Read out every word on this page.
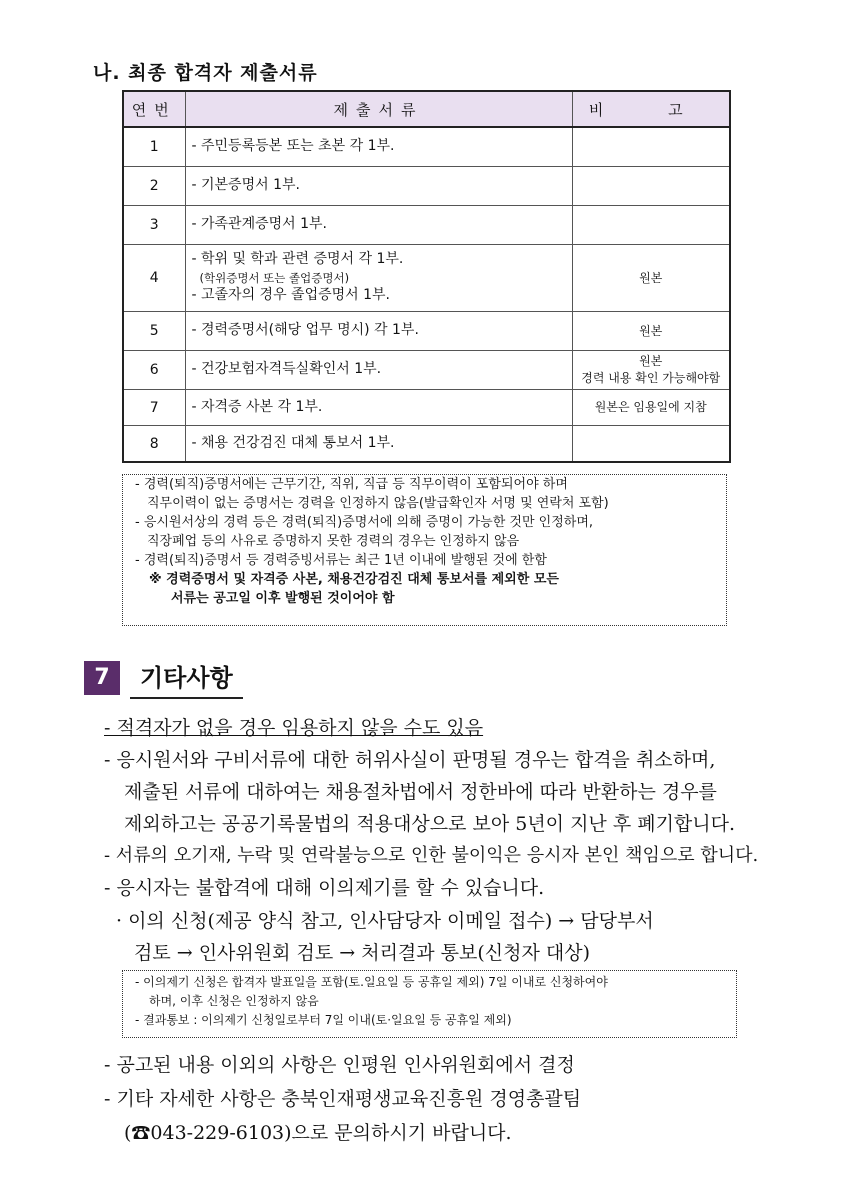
나. 최종 합격자 제출서류
연번	제출서류	비 고
1	- 주민등록등본 또는 초본 각 1부.	
2	- 기본증명서 1부.	
3	- 가족관계증명서 1부.	
4	- 학위 및 학과 관련 증명서 각 1부.
(학위증명서 또는 졸업증명서)
- 고졸자의 경우 졸업증명서 1부.	원본
5	- 경력증명서(해당 업무 명시) 각 1부.	원본
6	- 건강보험자격득실확인서 1부.	원본
경력 내용 확인 가능해야함

7	- 자격증 사본 각 1부.	원본은 임용일에 지참
8	- 채용 건강검진 대체 통보서 1부.	
- 경력(퇴직)증명서에는 근무기간, 직위, 직급 등 직무이력이 포함되어야 하며
직무이력이 없는 증명서는 경력을 인정하지 않음(발급확인자 서명 및 연락처 포함)
- 응시원서상의 경력 등은 경력(퇴직)증명서에 의해 증명이 가능한 것만 인정하며,
직장폐업 등의 사유로 증명하지 못한 경력의 경우는 인정하지 않음
- 경력(퇴직)증명서 등 경력증빙서류는 최근 1년 이내에 발행된 것에 한함
※ 경력증명서 및 자격증 사본, 채용건강검진 대체 통보서를 제외한 모든
서류는 공고일 이후 발행된 것이어야 함
7	기타사항
- 적격자가 없을 경우 임용하지 않을 수도 있음
- 응시원서와 구비서류에 대한 허위사실이 판명될 경우는 합격을 취소하며,
제출된 서류에 대하여는 채용절차법에서 정한바에 따라 반환하는 경우를
제외하고는 공공기록물법의 적용대상으로 보아 5년이 지난 후 폐기합니다.
- 서류의 오기재, 누락 및 연락불능으로 인한 불이익은 응시자 본인 책임으로 합니다.
- 응시자는 불합격에 대해 이의제기를 할 수 있습니다.
· 이의 신청(제공 양식 참고, 인사담당자 이메일 접수) → 담당부서
검토 → 인사위원회 검토 → 처리결과 통보(신청자 대상)
- 이의제기 신청은 합격자 발표일을 포함(토.일요일 등 공휴일 제외) 7일 이내로 신청하여야
하며, 이후 신청은 인정하지 않음
- 결과통보 : 이의제기 신청일로부터 7일 이내(토·일요일 등 공휴일 제외)
- 공고된 내용 이외의 사항은 인평원 인사위원회에서 결정
- 기타 자세한 사항은 충북인재평생교육진흥원 경영총괄팀
(☎043-229-6103)으로 문의하시기 바랍니다.
